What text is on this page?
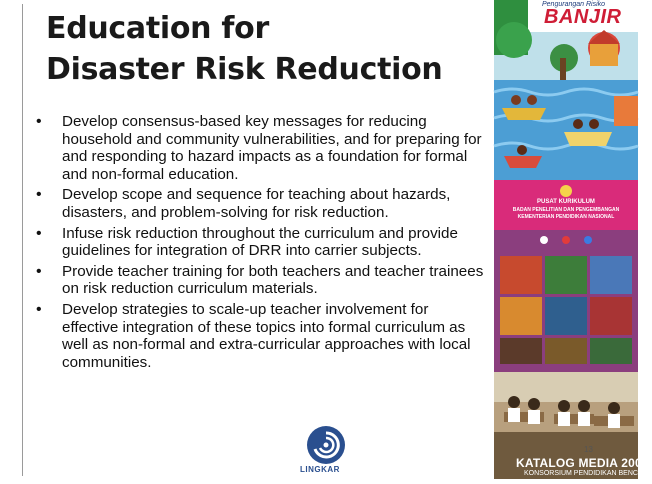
Education for
Disaster Risk Reduction
• Develop consensus-based key messages for reducing household and community vulnerabilities, and for preparing for and responding to hazard impacts as a foundation for formal and non-formal education.
• Develop scope and sequence for teaching about hazards, disasters, and problem-solving for risk reduction.
• Infuse risk reduction throughout the curriculum and provide guidelines for integration of DRR into carrier subjects.
• Provide teacher training for both teachers and teacher trainees on risk reduction curriculum materials.
• Develop strategies to scale-up teacher involvement for effective integration of these topics into formal curriculum as well as non-formal and extra-curricular approaches with local communities.
LINGKAR
Pengurangan Risiko
BANJIR
PUSAT KURIKULUM
BADAN PENELITIAN DAN PENGEMBANGAN
KEMENTERIAN PENDIDIKAN NASIONAL
KATALOG MEDIA 2008
KONSORSIUM PENDIDIKAN BENCANA
13
